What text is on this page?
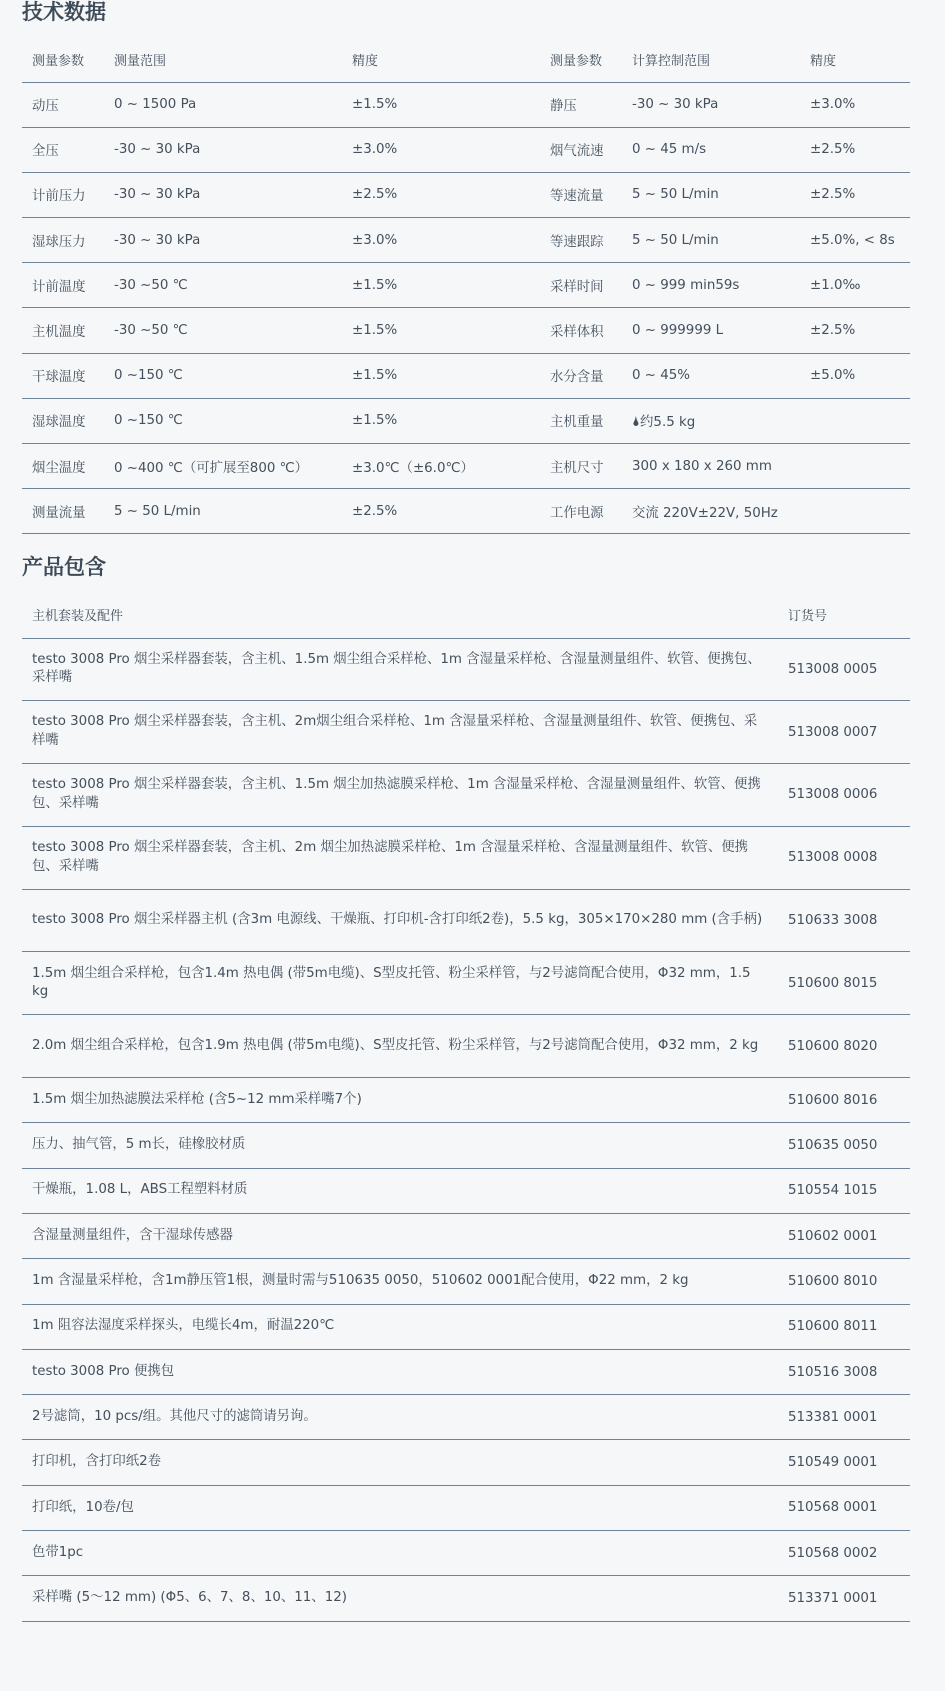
技术数据
测量参数	测量范围	精度	测量参数	计算控制范围	精度
动压	0 ~ 1500 Pa	±1.5%	静压	-30 ~ 30 kPa	±3.0%
全压	-30 ~ 30 kPa	±3.0%	烟气流速	0 ~ 45 m/s	±2.5%
计前压力	-30 ~ 30 kPa	±2.5%	等速流量	5 ~ 50 L/min	±2.5%
湿球压力	-30 ~ 30 kPa	±3.0%	等速跟踪	5 ~ 50 L/min	±5.0%, < 8s
计前温度	-30 ~50 ℃	±1.5%	采样时间	0 ~ 999 min59s	±1.0‰
主机温度	-30 ~50 ℃	±1.5%	采样体积	0 ~ 999999 L	±2.5%
干球温度	0 ~150 ℃	±1.5%	水分含量	0 ~ 45%	±5.0%
湿球温度	0 ~150 ℃	±1.5%	主机重量	🌢约5.5 kg	
烟尘温度	0 ~400 ℃（可扩展至800 ℃）	±3.0℃（±6.0℃）	主机尺寸	300 x 180 x 260 mm	
测量流量	5 ~ 50 L/min	±2.5%	工作电源	交流 220V±22V, 50Hz	
产品包含
主机套装及配件	订货号
testo 3008 Pro 烟尘采样器套装，含主机、1.5m 烟尘组合采样枪、1m 含湿量采样枪、含湿量测量组件、软管、便携包、采样嘴	513008 0005
testo 3008 Pro 烟尘采样器套装，含主机、2m烟尘组合采样枪、1m 含湿量采样枪、含湿量测量组件、软管、便携包、采样嘴	513008 0007
testo 3008 Pro 烟尘采样器套装，含主机、1.5m 烟尘加热滤膜采样枪、1m 含湿量采样枪、含湿量测量组件、软管、便携包、采样嘴	513008 0006
testo 3008 Pro 烟尘采样器套装，含主机、2m 烟尘加热滤膜采样枪、1m 含湿量采样枪、含湿量测量组件、软管、便携包、采样嘴	513008 0008
testo 3008 Pro 烟尘采样器主机 (含3m 电源线、干燥瓶、打印机-含打印纸2卷)，5.5 kg，305×170×280 mm (含手柄)	510633 3008
1.5m 烟尘组合采样枪，包含1.4m 热电偶 (带5m电缆)、S型皮托管、粉尘采样管，与2号滤筒配合使用，Φ32 mm，1.5 kg	510600 8015
2.0m 烟尘组合采样枪，包含1.9m 热电偶 (带5m电缆)、S型皮托管、粉尘采样管，与2号滤筒配合使用，Φ32 mm，2 kg	510600 8020
1.5m 烟尘加热滤膜法采样枪 (含5~12 mm采样嘴7个)	510600 8016
压力、抽气管，5 m长，硅橡胶材质	510635 0050
干燥瓶，1.08 L，ABS工程塑料材质	510554 1015
含湿量测量组件，含干湿球传感器	510602 0001
1m 含湿量采样枪，含1m静压管1根，测量时需与510635 0050，510602 0001配合使用，Φ22 mm，2 kg	510600 8010
1m 阻容法湿度采样探头，电缆长4m，耐温220℃	510600 8011
testo 3008 Pro 便携包	510516 3008
2号滤筒，10 pcs/组。其他尺寸的滤筒请另询。	513381 0001
打印机，含打印纸2卷	510549 0001
打印纸，10卷/包	510568 0001
色带1pc	510568 0002
采样嘴 (5～12 mm) (Φ5、6、7、8、10、11、12)	513371 0001
